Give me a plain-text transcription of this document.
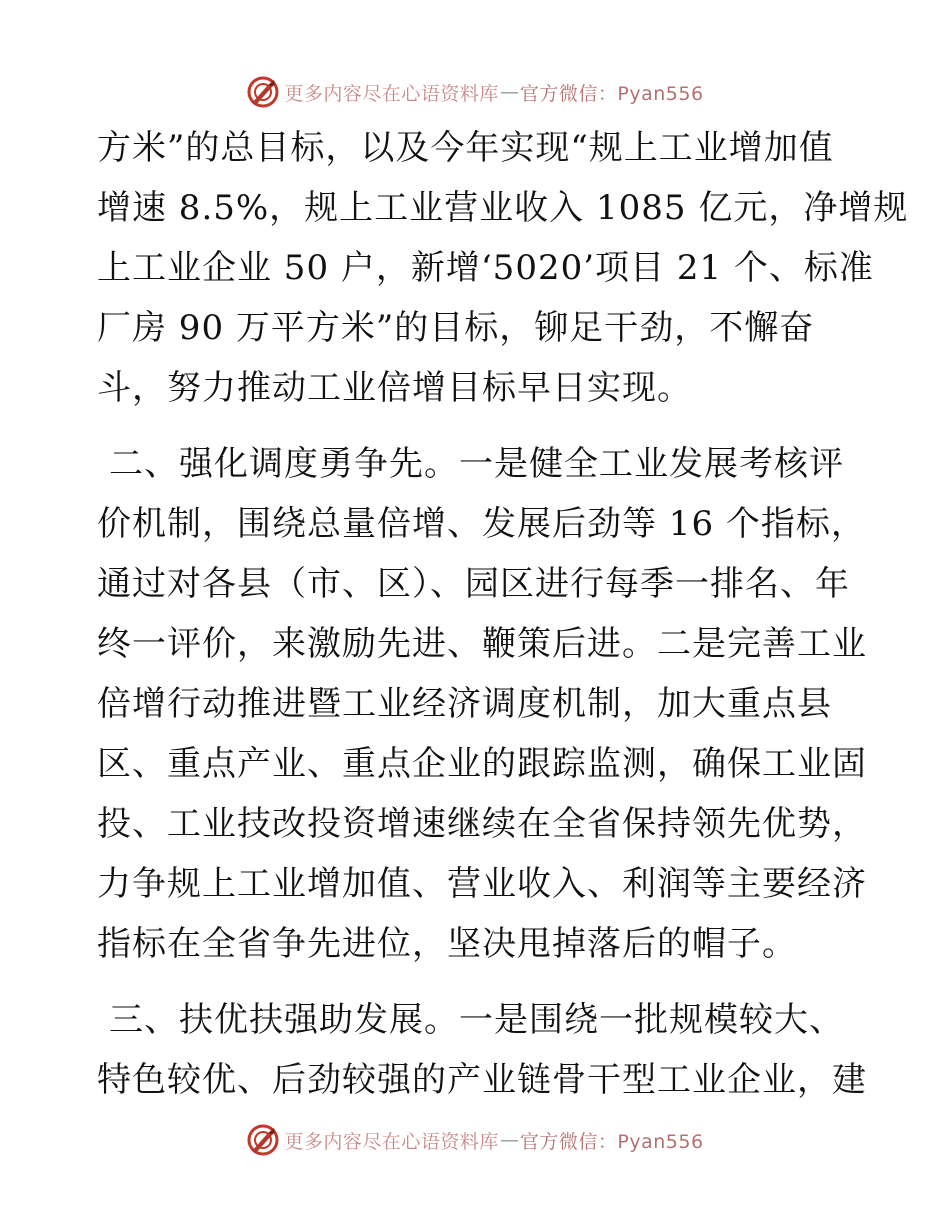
更多内容尽在心语资料库 — 官方微信：Pyan556
方米”的总目标，以及今年实现“规上工业增加值
增速 8.5%，规上工业营业收入 1085 亿元，净增规
上工业企业 50 户，新增‘5020’项目 21 个、标准
厂房 90 万平方米”的目标，铆足干劲，不懈奋
斗，努力推动工业倍增目标早日实现。
二、强化调度勇争先。一是健全工业发展考核评
价机制，围绕总量倍增、发展后劲等 16 个指标，
通过对各县（市、区）、园区进行每季一排名、年
终一评价，来激励先进、鞭策后进。二是完善工业
倍增行动推进暨工业经济调度机制，加大重点县
区、重点产业、重点企业的跟踪监测，确保工业固
投、工业技改投资增速继续在全省保持领先优势，
力争规上工业增加值、营业收入、利润等主要经济
指标在全省争先进位，坚决甩掉落后的帽子。
三、扶优扶强助发展。一是围绕一批规模较大、
特色较优、后劲较强的产业链骨干型工业企业，建
更多内容尽在心语资料库 — 官方微信：Pyan556
